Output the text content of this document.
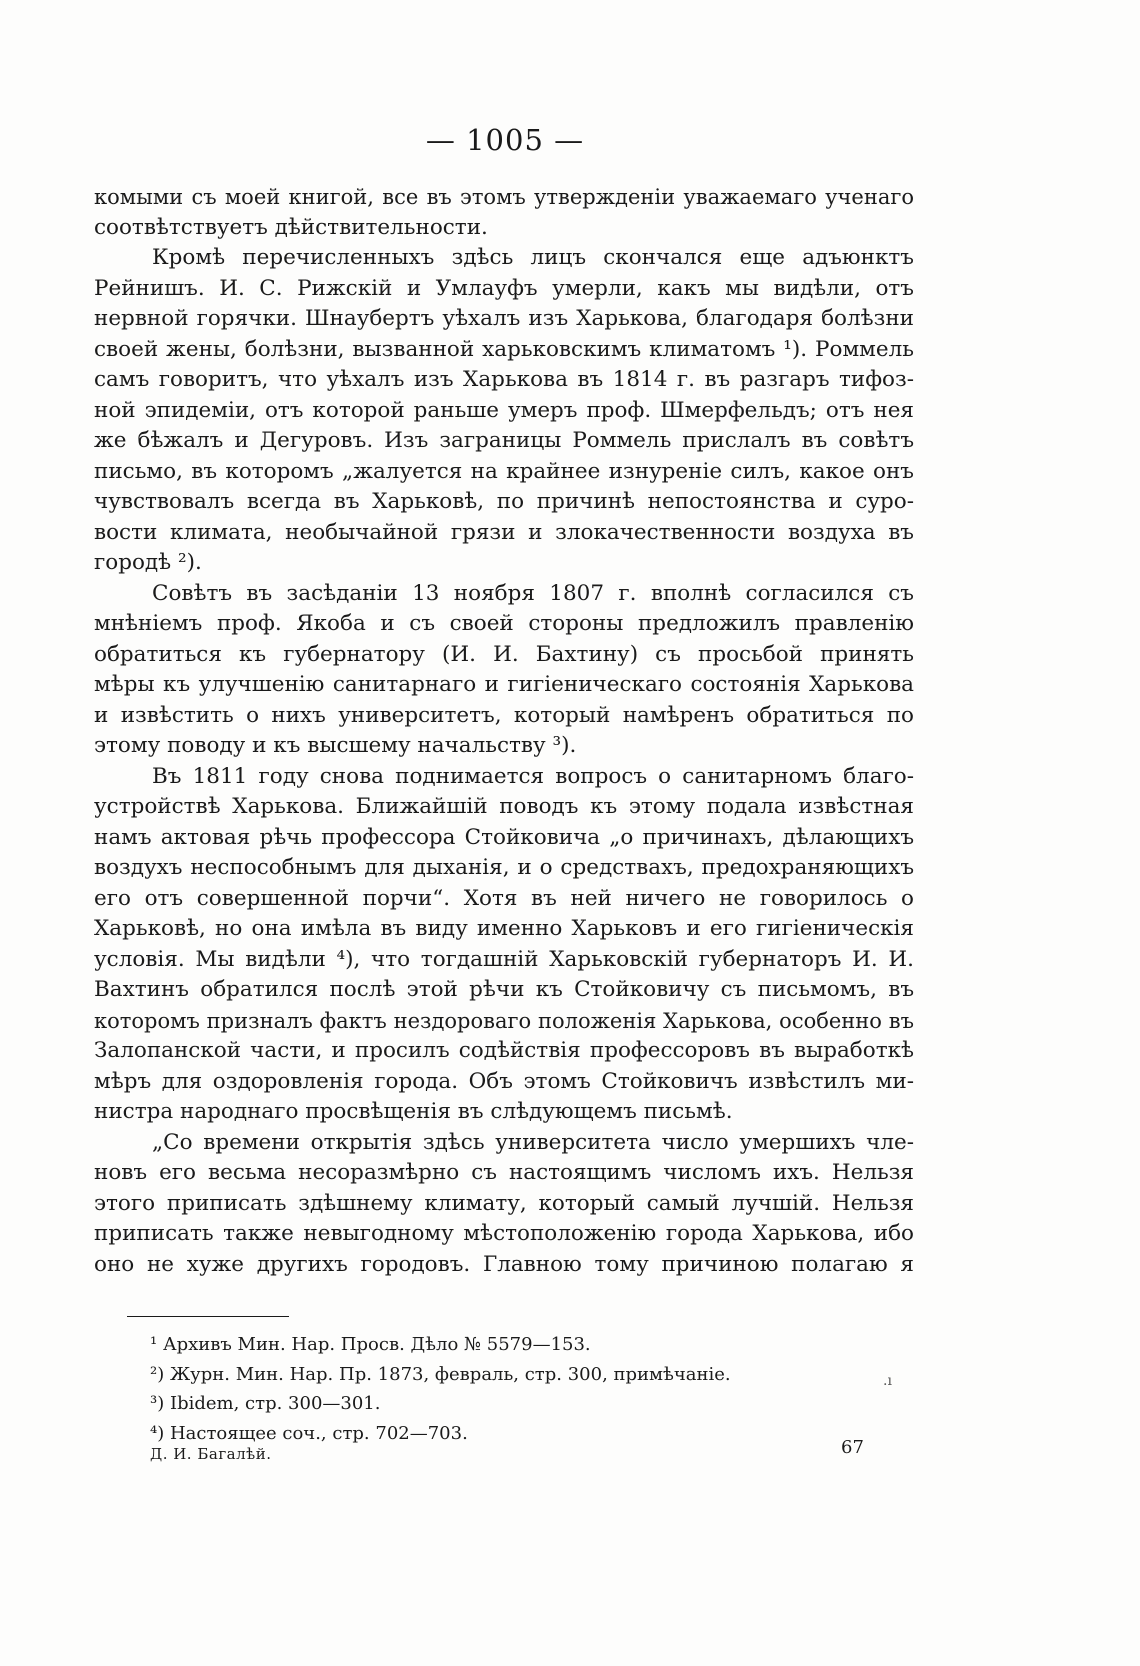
— 1005 —
комыми съ моей книгой, все въ этомъ утвержденіи уважаемаго ученаго
соотвѣтствуетъ дѣйствительности.
Кромѣ перечисленныхъ здѣсь лицъ скончался еще адъюнктъ
Рейнишъ. И. С. Рижскій и Умлауфъ умерли, какъ мы видѣли, отъ
нервной горячки. Шнаубертъ уѣхалъ изъ Харькова, благодаря болѣзни
своей жены, болѣзни, вызванной харьковскимъ климатомъ ¹). Роммель
самъ говоритъ, что уѣхалъ изъ Харькова въ 1814 г. въ разгаръ тифоз-
ной эпидеміи, отъ которой раньше умеръ проф. Шмерфельдъ; отъ нея
же бѣжалъ и Дегуровъ. Изъ заграницы Роммель прислалъ въ совѣтъ
письмо, въ которомъ „жалуется на крайнее изнуреніе силъ, какое онъ
чувствовалъ всегда въ Харьковѣ, по причинѣ непостоянства и суро-
вости климата, необычайной грязи и злокачественности воздуха въ
городѣ ²).
Совѣтъ въ засѣданіи 13 ноября 1807 г. вполнѣ согласился съ
мнѣніемъ проф. Якоба и съ своей стороны предложилъ правленію
обратиться къ губернатору (И. И. Бахтину) съ просьбой принять
мѣры къ улучшенію санитарнаго и гигіеническаго состоянія Харькова
и извѣстить о нихъ университетъ, который намѣренъ обратиться по
этому поводу и къ высшему начальству ³).
Въ 1811 году снова поднимается вопросъ о санитарномъ благо-
устройствѣ Харькова. Ближайшій поводъ къ этому подала извѣстная
намъ актовая рѣчь профессора Стойковича „о причинахъ, дѣлающихъ
воздухъ неспособнымъ для дыханія, и о средствахъ, предохраняющихъ
его отъ совершенной порчи“. Хотя въ ней ничего не говорилось о
Харьковѣ, но она имѣла въ виду именно Харьковъ и его гигіеническія
условія. Мы видѣли ⁴), что тогдашній Харьковскій губернаторъ И. И.
Вахтинъ обратился послѣ этой рѣчи къ Стойковичу съ письмомъ, въ
которомъ призналъ фактъ нездороваго положенія Харькова, особенно въ
Залопанской части, и просилъ содѣйствія профессоровъ въ выработкѣ
мѣръ для оздоровленія города. Объ этомъ Стойковичъ извѣстилъ ми-
нистра народнаго просвѣщенія въ слѣдующемъ письмѣ.
„Со времени открытія здѣсь университета число умершихъ чле-
новъ его весьма несоразмѣрно съ настоящимъ числомъ ихъ. Нельзя
этого приписать здѣшнему климату, который самый лучшій. Нельзя
приписать также невыгодному мѣстоположенію города Харькова, ибо
оно не хуже другихъ городовъ. Главною тому причиною полагаю я
¹ Архивъ Мин. Нар. Просв. Дѣло № 5579—153.
²) Журн. Мин. Нар. Пр. 1873, февраль, стр. 300, примѣчаніе.
³) Ibidem, стр. 300—301.
⁴) Настоящее соч., стр. 702—703.
.ı
Д. И. Багалѣй.	67
